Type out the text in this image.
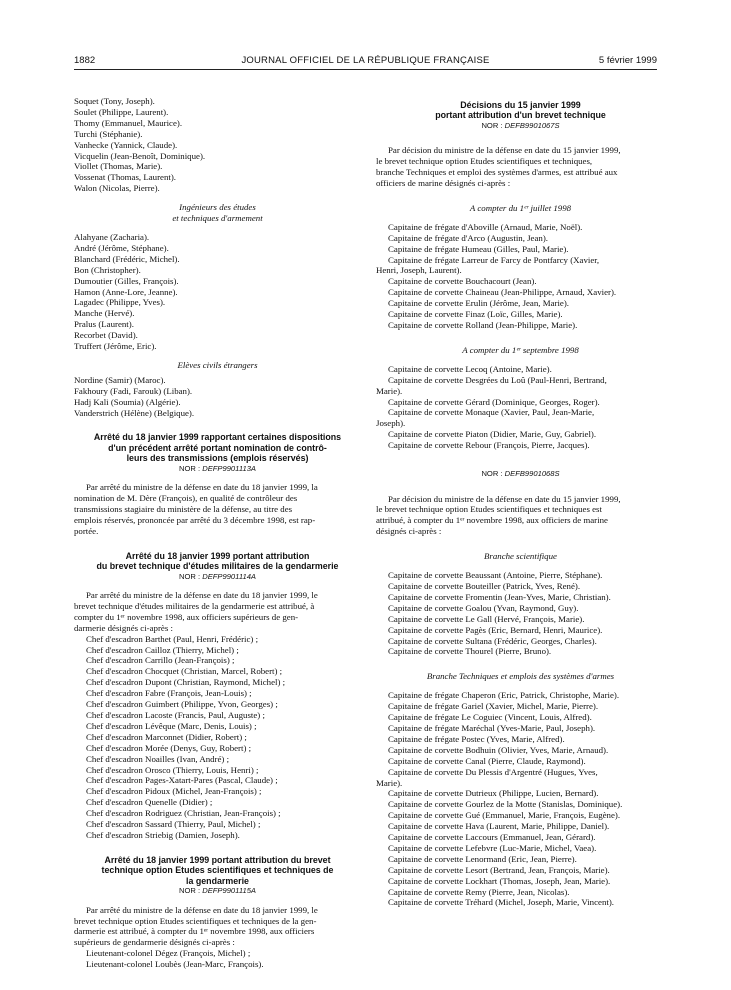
1882	JOURNAL OFFICIEL DE LA RÉPUBLIQUE FRANÇAISE	5 février 1999
Soquet (Tony, Joseph).
Soulet (Philippe, Laurent).
Thomy (Emmanuel, Maurice).
Turchi (Stéphanie).
Vanhecke (Yannick, Claude).
Vicquelin (Jean-Benoît, Dominique).
Viollet (Thomas, Marie).
Vossenat (Thomas, Laurent).
Walon (Nicolas, Pierre).
Ingénieurs des études
et techniques d'armement
Alahyane (Zacharia).
André (Jérôme, Stéphane).
Blanchard (Frédéric, Michel).
Bon (Christopher).
Dumoutier (Gilles, François).
Hamon (Anne-Lore, Jeanne).
Lagadec (Philippe, Yves).
Manche (Hervé).
Pralus (Laurent).
Recorbet (David).
Truffert (Jérôme, Eric).
Elèves civils étrangers
Nordine (Samir) (Maroc).
Fakhoury (Fadi, Farouk) (Liban).
Hadj Kali (Soumia) (Algérie).
Vanderstrich (Hélène) (Belgique).
Arrêté du 18 janvier 1999 rapportant certaines dispositions
d'un précédent arrêté portant nomination de contrô-
leurs des transmissions (emplois réservés)
NOR : DEFP9901113A
Par arrêté du ministre de la défense en date du 18 janvier 1999, la
nomination de M. Dère (François), en qualité de contrôleur des
transmissions stagiaire du ministère de la défense, au titre des
emplois réservés, prononcée par arrêté du 3 décembre 1998, est rap-
portée.
Arrêté du 18 janvier 1999 portant attribution
du brevet technique d'études militaires de la gendarmerie
NOR : DEFP9901114A
Par arrêté du ministre de la défense en date du 18 janvier 1999, le
brevet technique d'études militaires de la gendarmerie est attribué, à
compter du 1ᵉʳ novembre 1998, aux officiers supérieurs de gen-
darmerie désignés ci-après :
Chef d'escadron Barthet (Paul, Henri, Frédéric) ;
Chef d'escadron Cailloz (Thierry, Michel) ;
Chef d'escadron Carrillo (Jean-François) ;
Chef d'escadron Chocquet (Christian, Marcel, Robert) ;
Chef d'escadron Dupont (Christian, Raymond, Michel) ;
Chef d'escadron Fabre (François, Jean-Louis) ;
Chef d'escadron Guimbert (Philippe, Yvon, Georges) ;
Chef d'escadron Lacoste (Francis, Paul, Auguste) ;
Chef d'escadron Lévêque (Marc, Denis, Louis) ;
Chef d'escadron Marconnet (Didier, Robert) ;
Chef d'escadron Morée (Denys, Guy, Robert) ;
Chef d'escadron Noailles (Ivan, André) ;
Chef d'escadron Orosco (Thierry, Louis, Henri) ;
Chef d'escadron Pages-Xatart-Pares (Pascal, Claude) ;
Chef d'escadron Pidoux (Michel, Jean-François) ;
Chef d'escadron Quenelle (Didier) ;
Chef d'escadron Rodriguez (Christian, Jean-François) ;
Chef d'escadron Sassard (Thierry, Paul, Michel) ;
Chef d'escadron Striebig (Damien, Joseph).
Arrêté du 18 janvier 1999 portant attribution du brevet
technique option Etudes scientifiques et techniques de
la gendarmerie
NOR : DEFP9901115A
Par arrêté du ministre de la défense en date du 18 janvier 1999, le
brevet technique option Etudes scientifiques et techniques de la gen-
darmerie est attribué, à compter du 1ᵉʳ novembre 1998, aux officiers
supérieurs de gendarmerie désignés ci-après :
Lieutenant-colonel Dégez (François, Michel) ;
Lieutenant-colonel Loubès (Jean-Marc, François).
Décisions du 15 janvier 1999
portant attribution d'un brevet technique
NOR : DEFB9901067S
Par décision du ministre de la défense en date du 15 janvier 1999,
le brevet technique option Etudes scientifiques et techniques,
branche Techniques et emploi des systèmes d'armes, est attribué aux
officiers de marine désignés ci-après :
A compter du 1ᵉʳ juillet 1998
Capitaine de frégate d'Aboville (Arnaud, Marie, Noël).
Capitaine de frégate d'Arco (Augustin, Jean).
Capitaine de frégate Humeau (Gilles, Paul, Marie).
Capitaine de frégate Larreur de Farcy de Pontfarcy (Xavier,
Henri, Joseph, Laurent).
Capitaine de corvette Bouchacourt (Jean).
Capitaine de corvette Chaineau (Jean-Philippe, Arnaud, Xavier).
Capitaine de corvette Erulin (Jérôme, Jean, Marie).
Capitaine de corvette Finaz (Loïc, Gilles, Marie).
Capitaine de corvette Rolland (Jean-Philippe, Marie).
A compter du 1ᵉʳ septembre 1998
Capitaine de corvette Lecoq (Antoine, Marie).
Capitaine de corvette Desgrées du Loû (Paul-Henri, Bertrand,
Marie).
Capitaine de corvette Gérard (Dominique, Georges, Roger).
Capitaine de corvette Monaque (Xavier, Paul, Jean-Marie,
Joseph).
Capitaine de corvette Piaton (Didier, Marie, Guy, Gabriel).
Capitaine de corvette Rebour (François, Pierre, Jacques).
NOR : DEFB9901068S
Par décision du ministre de la défense en date du 15 janvier 1999,
le brevet technique option Etudes scientifiques et techniques est
attribué, à compter du 1ᵉʳ novembre 1998, aux officiers de marine
désignés ci-après :
Branche scientifique
Capitaine de corvette Beaussant (Antoine, Pierre, Stéphane).
Capitaine de corvette Bouteiller (Patrick, Yves, René).
Capitaine de corvette Fromentin (Jean-Yves, Marie, Christian).
Capitaine de corvette Goalou (Yvan, Raymond, Guy).
Capitaine de corvette Le Gall (Hervé, François, Marie).
Capitaine de corvette Pagès (Eric, Bernard, Henri, Maurice).
Capitaine de corvette Sultana (Frédéric, Georges, Charles).
Capitaine de corvette Thourel (Pierre, Bruno).
Branche Techniques et emplois des systèmes d'armes
Capitaine de frégate Chaperon (Eric, Patrick, Christophe, Marie).
Capitaine de frégate Gariel (Xavier, Michel, Marie, Pierre).
Capitaine de frégate Le Coguiec (Vincent, Louis, Alfred).
Capitaine de frégate Maréchal (Yves-Marie, Paul, Joseph).
Capitaine de frégate Postec (Yves, Marie, Alfred).
Capitaine de corvette Bodhuin (Olivier, Yves, Marie, Arnaud).
Capitaine de corvette Canal (Pierre, Claude, Raymond).
Capitaine de corvette Du Plessis d'Argentré (Hugues, Yves,
Marie).
Capitaine de corvette Dutrieux (Philippe, Lucien, Bernard).
Capitaine de corvette Gourlez de la Motte (Stanislas, Dominique).
Capitaine de corvette Gué (Emmanuel, Marie, François, Eugène).
Capitaine de corvette Hava (Laurent, Marie, Philippe, Daniel).
Capitaine de corvette Laccours (Emmanuel, Jean, Gérard).
Capitaine de corvette Lefebvre (Luc-Marie, Michel, Vaea).
Capitaine de corvette Lenormand (Eric, Jean, Pierre).
Capitaine de corvette Lesort (Bertrand, Jean, François, Marie).
Capitaine de corvette Lockhart (Thomas, Joseph, Jean, Marie).
Capitaine de corvette Remy (Pierre, Jean, Nicolas).
Capitaine de corvette Tréhard (Michel, Joseph, Marie, Vincent).
